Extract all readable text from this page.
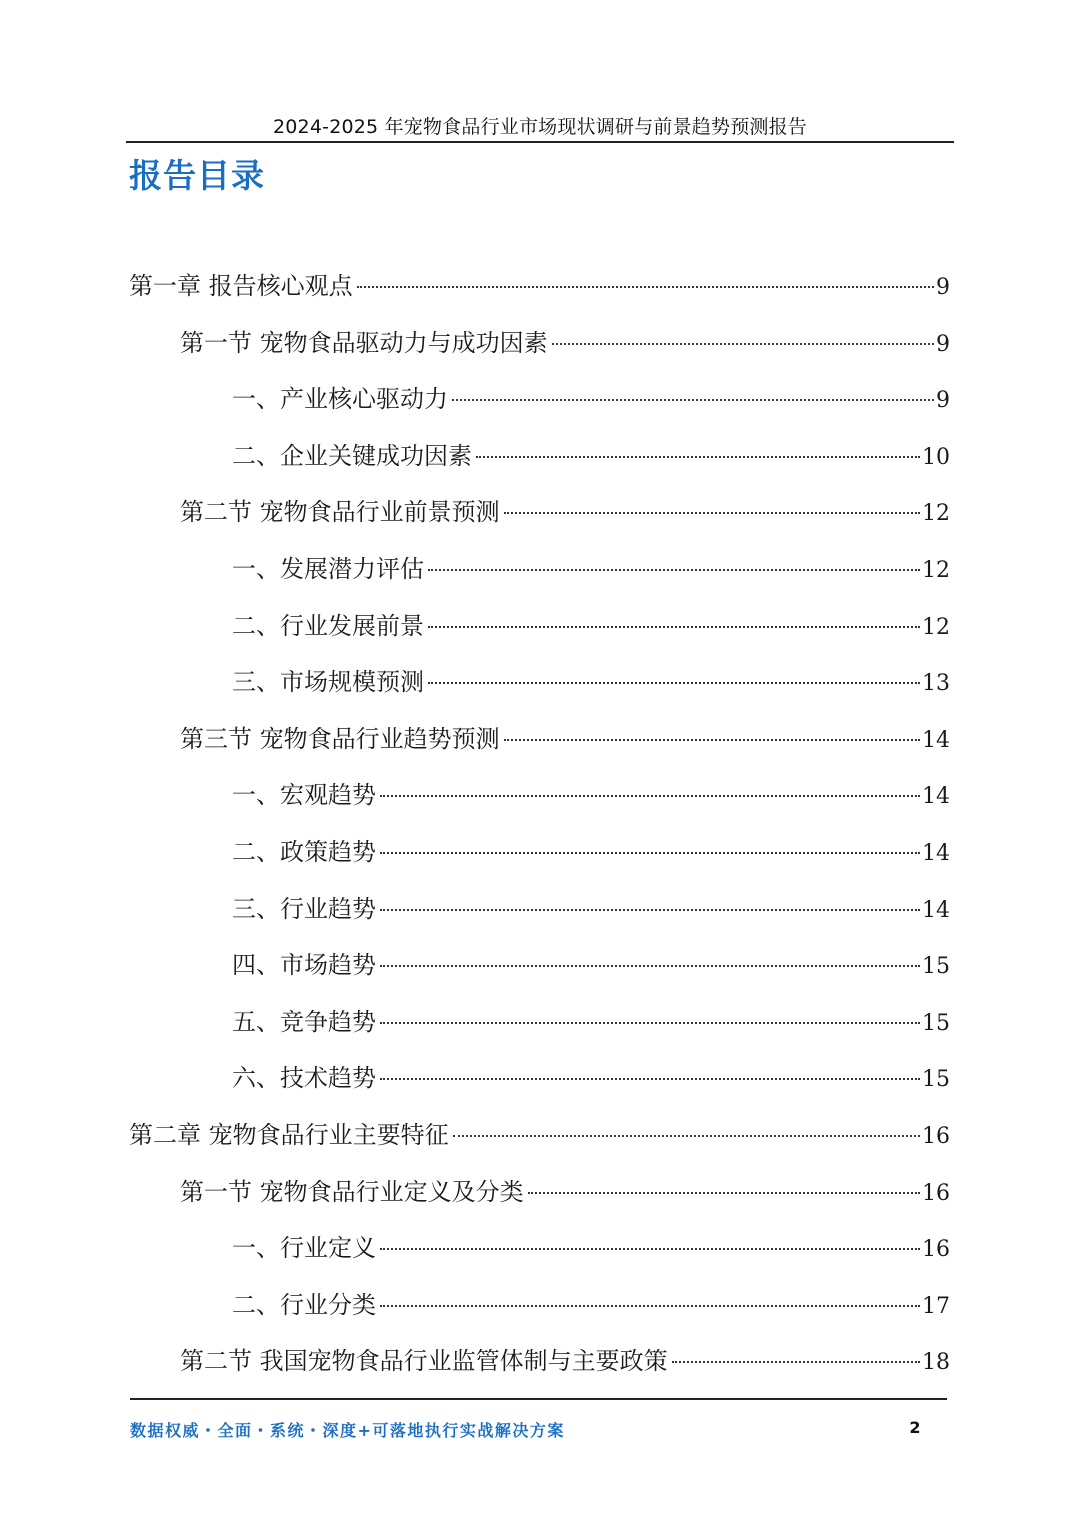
2024-2025 年宠物食品行业市场现状调研与前景趋势预测报告
报告目录
第一章 报告核心观点	9
第一节 宠物食品驱动力与成功因素	9
一、产业核心驱动力	9
二、企业关键成功因素	10
第二节 宠物食品行业前景预测	12
一、发展潜力评估	12
二、行业发展前景	12
三、市场规模预测	13
第三节 宠物食品行业趋势预测	14
一、宏观趋势	14
二、政策趋势	14
三、行业趋势	14
四、市场趋势	15
五、竞争趋势	15
六、技术趋势	15
第二章 宠物食品行业主要特征	16
第一节 宠物食品行业定义及分类	16
一、行业定义	16
二、行业分类	17
第二节 我国宠物食品行业监管体制与主要政策	18
数据权威・全面・系统・深度+可落地执行实战解决方案	2
